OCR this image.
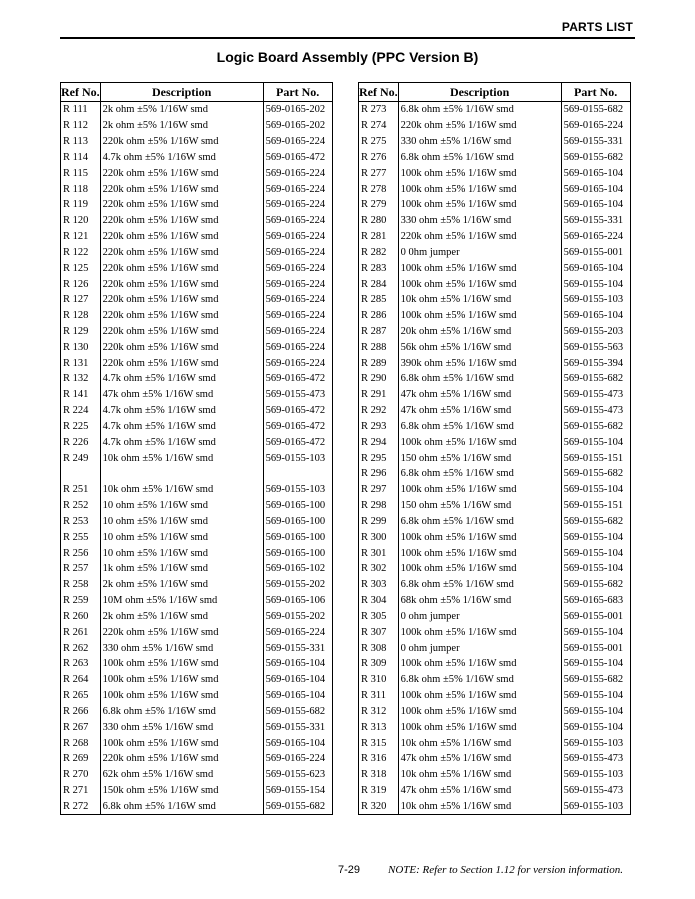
PARTS LIST
Logic Board Assembly (PPC Version B)
Ref No.	Description	Part No.
R 111	2k ohm ±5% 1/16W smd	569-0165-202
R 112	2k ohm ±5% 1/16W smd	569-0165-202
R 113	220k ohm ±5% 1/16W smd	569-0165-224
R 114	4.7k ohm ±5% 1/16W smd	569-0165-472
R 115	220k ohm ±5% 1/16W smd	569-0165-224
R 118	220k ohm ±5% 1/16W smd	569-0165-224
R 119	220k ohm ±5% 1/16W smd	569-0165-224
R 120	220k ohm ±5% 1/16W smd	569-0165-224
R 121	220k ohm ±5% 1/16W smd	569-0165-224
R 122	220k ohm ±5% 1/16W smd	569-0165-224
R 125	220k ohm ±5% 1/16W smd	569-0165-224
R 126	220k ohm ±5% 1/16W smd	569-0165-224
R 127	220k ohm ±5% 1/16W smd	569-0165-224
R 128	220k ohm ±5% 1/16W smd	569-0165-224
R 129	220k ohm ±5% 1/16W smd	569-0165-224
R 130	220k ohm ±5% 1/16W smd	569-0165-224
R 131	220k ohm ±5% 1/16W smd	569-0165-224
R 132	4.7k ohm ±5% 1/16W smd	569-0165-472
R 141	47k ohm ±5% 1/16W smd	569-0155-473
R 224	4.7k ohm ±5% 1/16W smd	569-0165-472
R 225	4.7k ohm ±5% 1/16W smd	569-0165-472
R 226	4.7k ohm ±5% 1/16W smd	569-0165-472
R 249	10k ohm ±5% 1/16W smd	569-0155-103

R 251	10k ohm ±5% 1/16W smd	569-0155-103
R 252	10 ohm ±5% 1/16W smd	569-0165-100
R 253	10 ohm ±5% 1/16W smd	569-0165-100
R 255	10 ohm ±5% 1/16W smd	569-0165-100
R 256	10 ohm ±5% 1/16W smd	569-0165-100
R 257	1k ohm ±5% 1/16W smd	569-0165-102
R 258	2k ohm ±5% 1/16W smd	569-0155-202
R 259	10M ohm ±5% 1/16W smd	569-0165-106
R 260	2k ohm ±5% 1/16W smd	569-0155-202
R 261	220k ohm ±5% 1/16W smd	569-0165-224
R 262	330 ohm ±5% 1/16W smd	569-0155-331
R 263	100k ohm ±5% 1/16W smd	569-0165-104
R 264	100k ohm ±5% 1/16W smd	569-0165-104
R 265	100k ohm ±5% 1/16W smd	569-0165-104
R 266	6.8k ohm ±5% 1/16W smd	569-0155-682
R 267	330 ohm ±5% 1/16W smd	569-0155-331
R 268	100k ohm ±5% 1/16W smd	569-0165-104
R 269	220k ohm ±5% 1/16W smd	569-0165-224
R 270	62k ohm ±5% 1/16W smd	569-0155-623
R 271	150k ohm ±5% 1/16W smd	569-0155-154
R 272	6.8k ohm ±5% 1/16W smd	569-0155-682
Ref No.	Description	Part No.
R 273	6.8k ohm ±5% 1/16W smd	569-0155-682
R 274	220k ohm ±5% 1/16W smd	569-0165-224
R 275	330 ohm ±5% 1/16W smd	569-0155-331
R 276	6.8k ohm ±5% 1/16W smd	569-0155-682
R 277	100k ohm ±5% 1/16W smd	569-0165-104
R 278	100k ohm ±5% 1/16W smd	569-0165-104
R 279	100k ohm ±5% 1/16W smd	569-0165-104
R 280	330 ohm ±5% 1/16W smd	569-0155-331
R 281	220k ohm ±5% 1/16W smd	569-0165-224
R 282	0 0hm jumper	569-0155-001
R 283	100k ohm ±5% 1/16W smd	569-0165-104
R 284	100k ohm ±5% 1/16W smd	569-0155-104
R 285	10k ohm ±5% 1/16W smd	569-0155-103
R 286	100k ohm ±5% 1/16W smd	569-0165-104
R 287	20k ohm ±5% 1/16W smd	569-0155-203
R 288	56k ohm ±5% 1/16W smd	569-0155-563
R 289	390k ohm ±5% 1/16W smd	569-0155-394
R 290	6.8k ohm ±5% 1/16W smd	569-0155-682
R 291	47k ohm ±5% 1/16W smd	569-0155-473
R 292	47k ohm ±5% 1/16W smd	569-0155-473
R 293	6.8k ohm ±5% 1/16W smd	569-0155-682
R 294	100k ohm ±5% 1/16W smd	569-0155-104
R 295	150 ohm ±5% 1/16W smd	569-0155-151
R 296	6.8k ohm ±5% 1/16W smd	569-0155-682
R 297	100k ohm ±5% 1/16W smd	569-0155-104
R 298	150 ohm ±5% 1/16W smd	569-0155-151
R 299	6.8k ohm ±5% 1/16W smd	569-0155-682
R 300	100k ohm ±5% 1/16W smd	569-0155-104
R 301	100k ohm ±5% 1/16W smd	569-0155-104
R 302	100k ohm ±5% 1/16W smd	569-0155-104
R 303	6.8k ohm ±5% 1/16W smd	569-0155-682
R 304	68k ohm ±5% 1/16W smd	569-0165-683
R 305	0 ohm jumper	569-0155-001
R 307	100k ohm ±5% 1/16W smd	569-0155-104
R 308	0 ohm jumper	569-0155-001
R 309	100k ohm ±5% 1/16W smd	569-0155-104
R 310	6.8k ohm ±5% 1/16W smd	569-0155-682
R 311	100k ohm ±5% 1/16W smd	569-0155-104
R 312	100k ohm ±5% 1/16W smd	569-0155-104
R 313	100k ohm ±5% 1/16W smd	569-0155-104
R 315	10k ohm ±5% 1/16W smd	569-0155-103
R 316	47k ohm ±5% 1/16W smd	569-0155-473
R 318	10k ohm ±5% 1/16W smd	569-0155-103
R 319	47k ohm ±5% 1/16W smd	569-0155-473
R 320	10k ohm ±5% 1/16W smd	569-0155-103
7-29	NOTE: Refer to Section 1.12 for version information.
